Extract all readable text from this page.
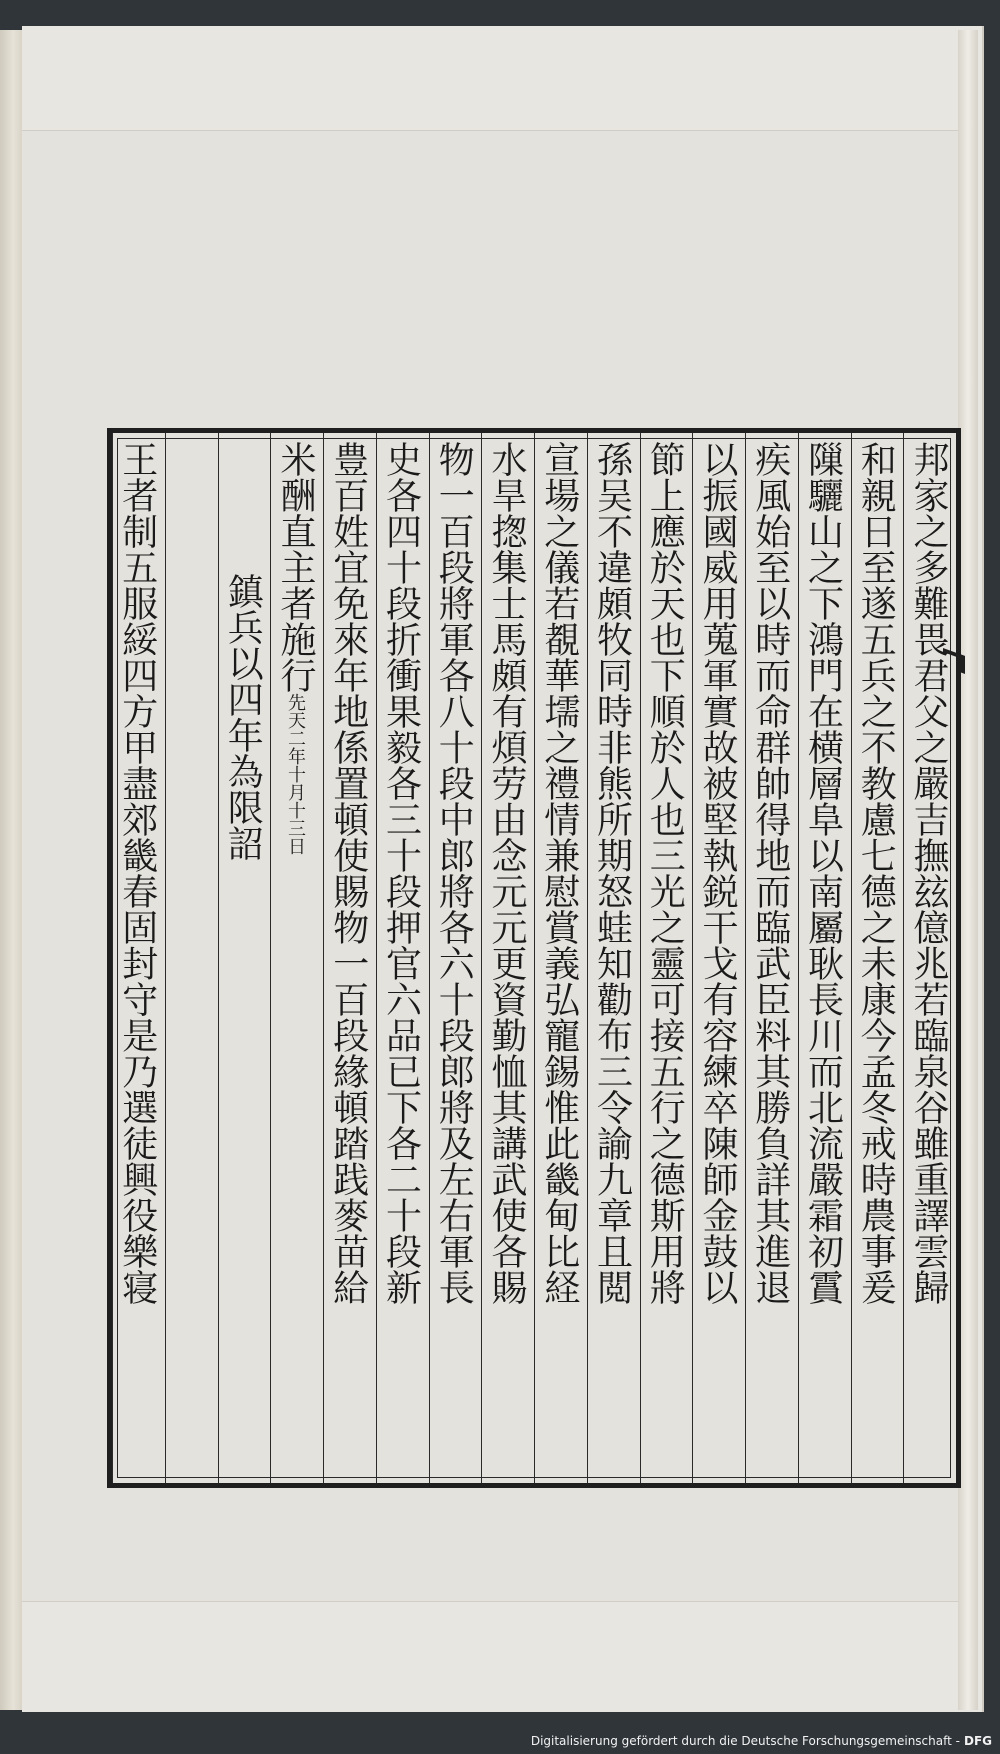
邦家之多難畏君父之嚴吉撫玆億兆若臨泉谷雖重譯雲歸
和親日至遂五兵之不教慮七德之未康今孟冬戒時農事爰
隟驪山之下鴻門在横層阜以南屬耿長川而北流嚴霜初霣
疾風始至以時而命群帥得地而臨武臣料其勝負詳其進退
以振國威用蒐軍實故被堅執鋭干戈有容練卒陳師金鼓以
節上應於天也下順於人也三光之靈可接五行之德斯用將
孫吴不違頗牧同時非熊所期怒蛙知勸布三令諭九章且閲
宣場之儀若覩華壖之禮情兼慰賞義弘寵錫惟此畿甸比経
水旱揔集士馬頗有煩劳由念元元更資勤恤其講武使各賜
物一百段將軍各八十段中郎將各六十段郎將及左右軍長
史各四十段折衝果毅各三十段押官六品已下各二十段新
豊百姓宜免來年地係置頓使賜物一百段緣頓踏践麥苗給
米酬直主者施行先天二年十月十三日
鎮兵以四年為限詔
王者制五服綏四方甲盡郊畿春固封守是乃選徒興役樂寝
Digitalisierung gefördert durch die Deutsche Forschungsgemeinschaft - DFG
